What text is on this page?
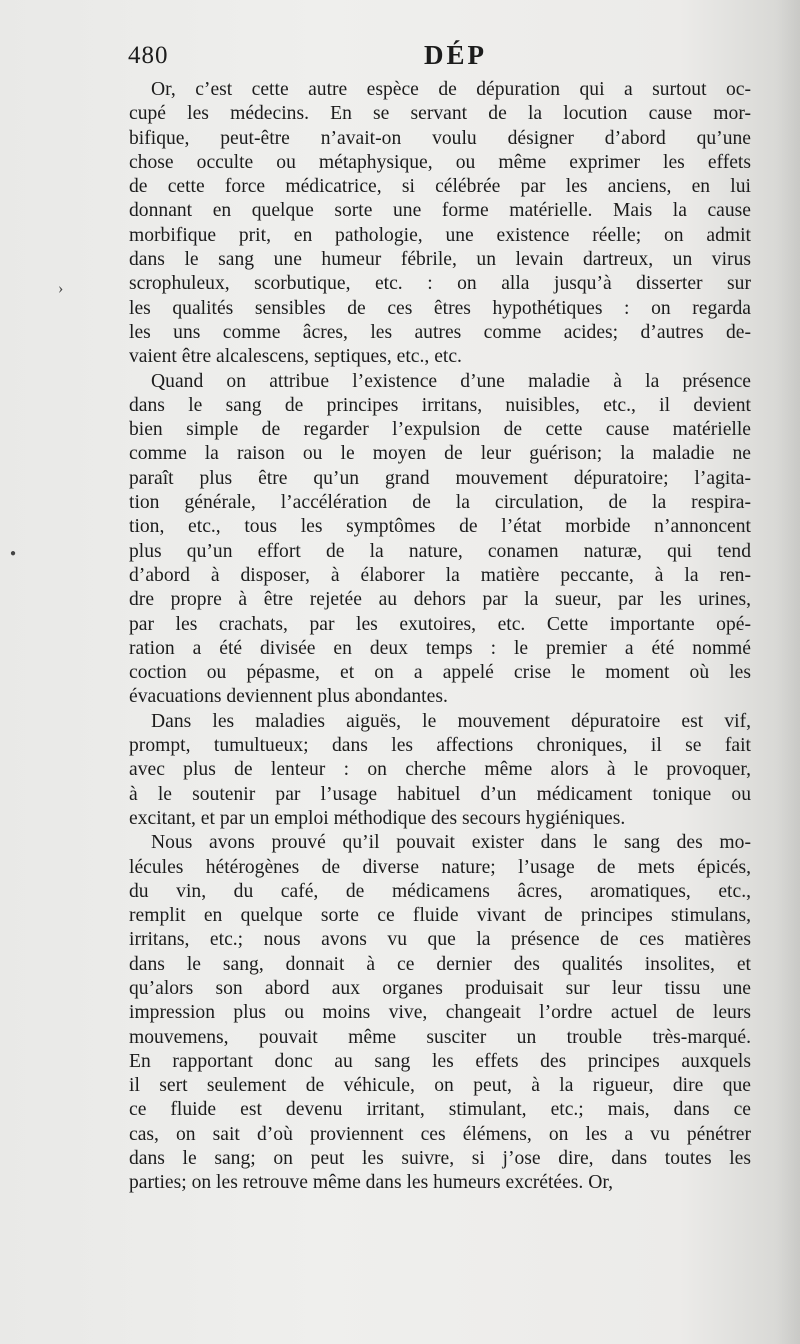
480	DÉP
›
●
Or, c’est cette autre espèce de dépuration qui a surtout oc-
cupé les médecins. En se servant de la locution cause mor-
bifique, peut-être n’avait-on voulu désigner d’abord qu’une
chose occulte ou métaphysique, ou même exprimer les effets
de cette force médicatrice, si célébrée par les anciens, en lui
donnant en quelque sorte une forme matérielle. Mais la cause
morbifique prit, en pathologie, une existence réelle; on admit
dans le sang une humeur fébrile, un levain dartreux, un virus
scrophuleux, scorbutique, etc. : on alla jusqu’à disserter sur
les qualités sensibles de ces êtres hypothétiques : on regarda
les uns comme âcres, les autres comme acides; d’autres de-
vaient être alcalescens, septiques, etc., etc.
Quand on attribue l’existence d’une maladie à la présence
dans le sang de principes irritans, nuisibles, etc., il devient
bien simple de regarder l’expulsion de cette cause matérielle
comme la raison ou le moyen de leur guérison; la maladie ne
paraît plus être qu’un grand mouvement dépuratoire; l’agita-
tion générale, l’accélération de la circulation, de la respira-
tion, etc., tous les symptômes de l’état morbide n’annoncent
plus qu’un effort de la nature, conamen naturæ, qui tend
d’abord à disposer, à élaborer la matière peccante, à la ren-
dre propre à être rejetée au dehors par la sueur, par les urines,
par les crachats, par les exutoires, etc. Cette importante opé-
ration a été divisée en deux temps : le premier a été nommé
coction ou pépasme, et on a appelé crise le moment où les
évacuations deviennent plus abondantes.
Dans les maladies aiguës, le mouvement dépuratoire est vif,
prompt, tumultueux; dans les affections chroniques, il se fait
avec plus de lenteur : on cherche même alors à le provoquer,
à le soutenir par l’usage habituel d’un médicament tonique ou
excitant, et par un emploi méthodique des secours hygiéniques.
Nous avons prouvé qu’il pouvait exister dans le sang des mo-
lécules hétérogènes de diverse nature; l’usage de mets épicés,
du vin, du café, de médicamens âcres, aromatiques, etc.,
remplit en quelque sorte ce fluide vivant de principes stimulans,
irritans, etc.; nous avons vu que la présence de ces matières
dans le sang, donnait à ce dernier des qualités insolites, et
qu’alors son abord aux organes produisait sur leur tissu une
impression plus ou moins vive, changeait l’ordre actuel de leurs
mouvemens, pouvait même susciter un trouble très-marqué.
En rapportant donc au sang les effets des principes auxquels
il sert seulement de véhicule, on peut, à la rigueur, dire que
ce fluide est devenu irritant, stimulant, etc.; mais, dans ce
cas, on sait d’où proviennent ces élémens, on les a vu pénétrer
dans le sang; on peut les suivre, si j’ose dire, dans toutes les
parties; on les retrouve même dans les humeurs excrétées. Or,
